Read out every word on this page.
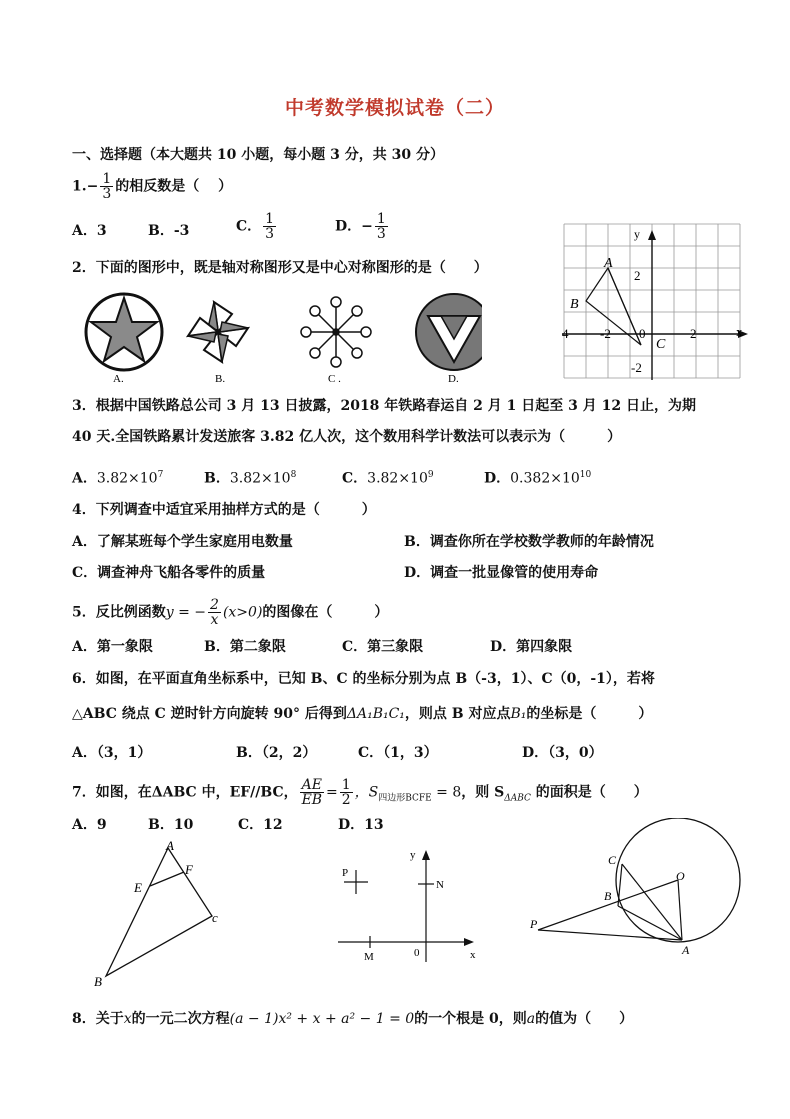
中考数学模拟试卷（二）
一、选择题（本大题共 10 小题，每小题 3 分，共 30 分）
$1.- \frac{1}{3}$ 的相反数是（　 ）
A．3	B．-3	C． $\frac{1}{3}$	D．− $\frac{1}{3}$	y
x
2
-2
-2	2
4	0
A
B
C
2．下面的图形中，既是轴对称图形又是中心对称图形的是（　　）
A.	B.	C .	D.
3．根据中国铁路总公司 3 月 13 日披露，2018 年铁路春运自 2 月 1 日起至 3 月 12 日止，为期
40 天.全国铁路累计发送旅客 3.82 亿人次，这个数用科学计数法可以表示为（　　　）
A．$3.82\times 10^7$	B．$3.82\times 10^8$	C．$3.82\times 10^9$	D．$0.382\times 10^{10}$
4．下列调查中适宜采用抽样方式的是（　　　）
A．了解某班每个学生家庭用电数量	B．调查你所在学校数学教师的年龄情况
C．调查神舟飞船各零件的质量	D．调查一批显像管的使用寿命
5．反比例函数y = − $\frac{2}{x} (x>0)$的图像在（　　　）
A．第一象限	B．第二象限	C．第三象限	D．第四象限
6．如图，在平面直角坐标系中，已知 B、C 的坐标分别为点 B（-3，1）、C（0，-1），若将
△ABC 绕点 C 逆时针方向旋转 90° 后得到ΔA₁B₁C₁，则点 B 对应点B₁的坐标是（　　　）
A．（3，1）	B．（2，2）	C．（1，3）	D．（3，0）
7．如图，在ΔABC 中，EF//BC， $\frac{AE}{EB} = \frac{1}{2}$ ，$S_{四边形BCFE} = 8$，则 $S_{\Delta ABC}$ 的面积是（　　）
A．9	B．10	C．12	D．13
A
E
F
B
c
P
N
M	0	x
y	C
O
B
P
A
8．关于x的一元二次方程(a − 1)x² + x + a² − 1 = 0的一个根是 0，则a的值为（　　）
